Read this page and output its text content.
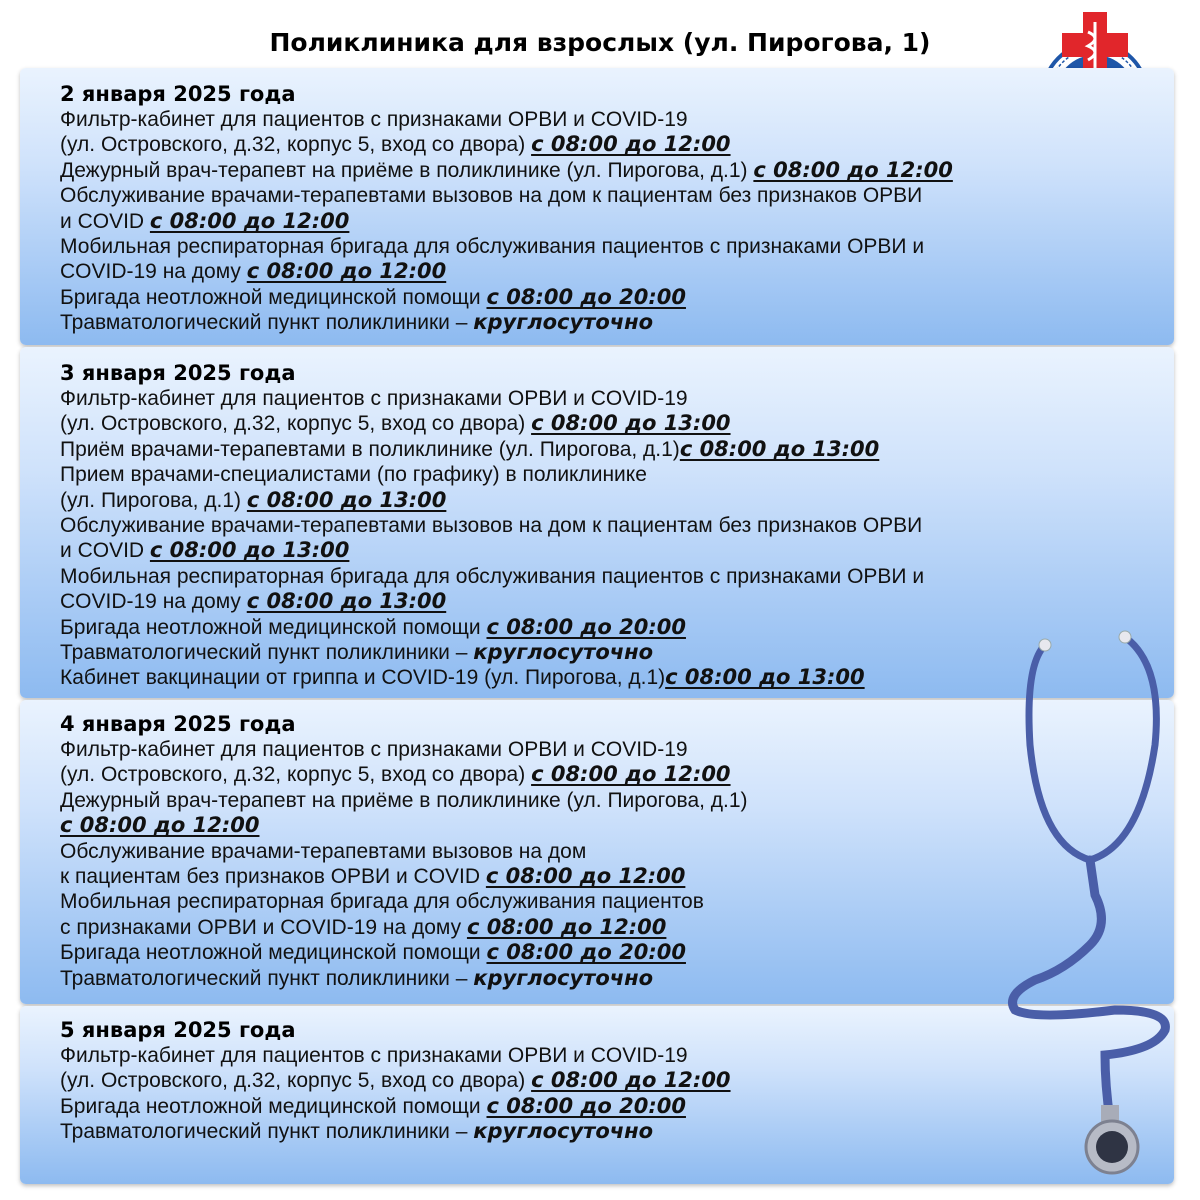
Поликлиника для взрослых (ул. Пирогова, 1)
2 января 2025 года
Фильтр-кабинет для пациентов с признаками ОРВИ и COVID-19
(ул. Островского, д.32, корпус 5, вход со двора) с 08:00 до 12:00
Дежурный врач-терапевт на приёме в поликлинике (ул. Пирогова, д.1) с 08:00 до 12:00
Обслуживание врачами-терапевтами вызовов на дом к пациентам без признаков ОРВИ
и COVID с 08:00 до 12:00
Мобильная респираторная бригада для обслуживания пациентов с признаками ОРВИ и
COVID-19 на дому с 08:00 до 12:00
Бригада неотложной медицинской помощи с 08:00 до 20:00
Травматологический пункт поликлиники – круглосуточно
3 января 2025 года
Фильтр-кабинет для пациентов с признаками ОРВИ и COVID-19
(ул. Островского, д.32, корпус 5, вход со двора) с 08:00 до 13:00
Приём врачами-терапевтами в поликлинике (ул. Пирогова, д.1)с 08:00 до 13:00
Прием врачами-специалистами (по графику) в поликлинике
(ул. Пирогова, д.1) с 08:00 до 13:00
Обслуживание врачами-терапевтами вызовов на дом к пациентам без признаков ОРВИ
и COVID с 08:00 до 13:00
Мобильная респираторная бригада для обслуживания пациентов с признаками ОРВИ и
COVID-19 на дому с 08:00 до 13:00
Бригада неотложной медицинской помощи с 08:00 до 20:00
Травматологический пункт поликлиники – круглосуточно
Кабинет вакцинации от гриппа и COVID-19 (ул. Пирогова, д.1)с 08:00 до 13:00
4 января 2025 года
Фильтр-кабинет для пациентов с признаками ОРВИ и COVID-19
(ул. Островского, д.32, корпус 5, вход со двора) с 08:00 до 12:00
Дежурный врач-терапевт на приёме в поликлинике (ул. Пирогова, д.1)
с 08:00 до 12:00
Обслуживание врачами-терапевтами вызовов на дом
к пациентам без признаков ОРВИ и COVID с 08:00 до 12:00
Мобильная респираторная бригада для обслуживания пациентов
с признаками ОРВИ и COVID-19 на дому с 08:00 до 12:00
Бригада неотложной медицинской помощи с 08:00 до 20:00
Травматологический пункт поликлиники – круглосуточно
5 января 2025 года
Фильтр-кабинет для пациентов с признаками ОРВИ и COVID-19
(ул. Островского, д.32, корпус 5, вход со двора) с 08:00 до 12:00
Бригада неотложной медицинской помощи с 08:00 до 20:00
Травматологический пункт поликлиники – круглосуточно
